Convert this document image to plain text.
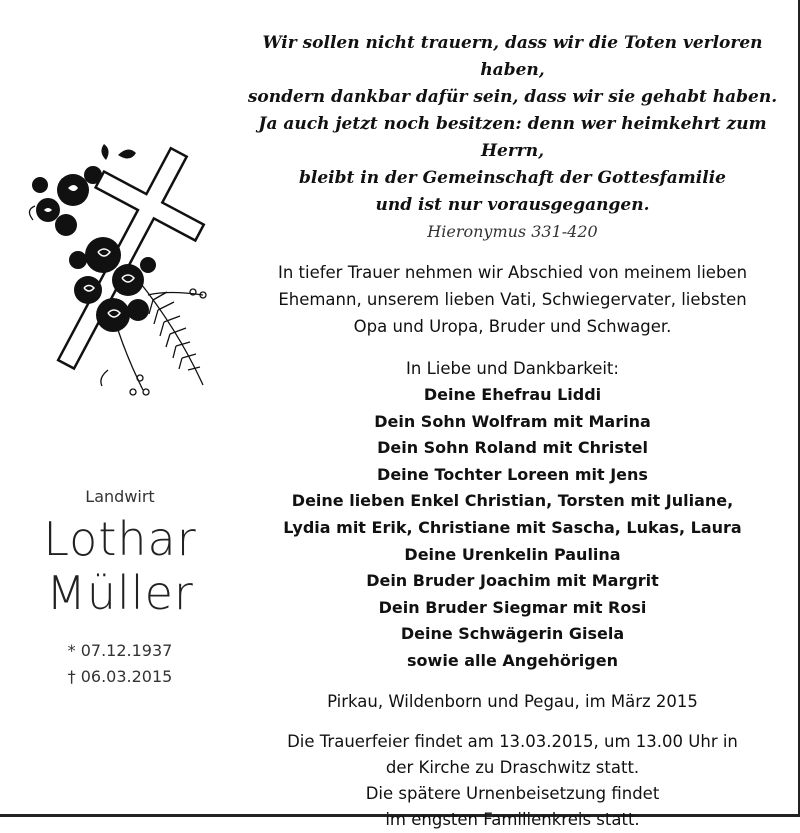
Landwirt
Lothar
Müller
* 07.12.1937
† 06.03.2015
Wir sollen nicht trauern, dass wir die Toten verloren haben,
sondern dankbar dafür sein, dass wir sie gehabt haben.
Ja auch jetzt noch besitzen: denn wer heimkehrt zum Herrn,
bleibt in der Gemeinschaft der Gottesfamilie
und ist nur vorausgegangen.
Hieronymus 331-420
In tiefer Trauer nehmen wir Abschied von meinem lieben
Ehemann, unserem lieben Vati, Schwiegervater, liebsten
Opa und Uropa, Bruder und Schwager.
In Liebe und Dankbarkeit:
Deine Ehefrau Liddi
Dein Sohn Wolfram mit Marina
Dein Sohn Roland mit Christel
Deine Tochter Loreen mit Jens
Deine lieben Enkel Christian, Torsten mit Juliane,
Lydia mit Erik, Christiane mit Sascha, Lukas, Laura
Deine Urenkelin Paulina
Dein Bruder Joachim mit Margrit
Dein Bruder Siegmar mit Rosi
Deine Schwägerin Gisela
sowie alle Angehörigen
Pirkau, Wildenborn und Pegau, im März 2015
Die Trauerfeier findet am 13.03.2015, um 13.00 Uhr in
der Kirche zu Draschwitz statt.
Die spätere Urnenbeisetzung findet
im engsten Familienkreis statt.
